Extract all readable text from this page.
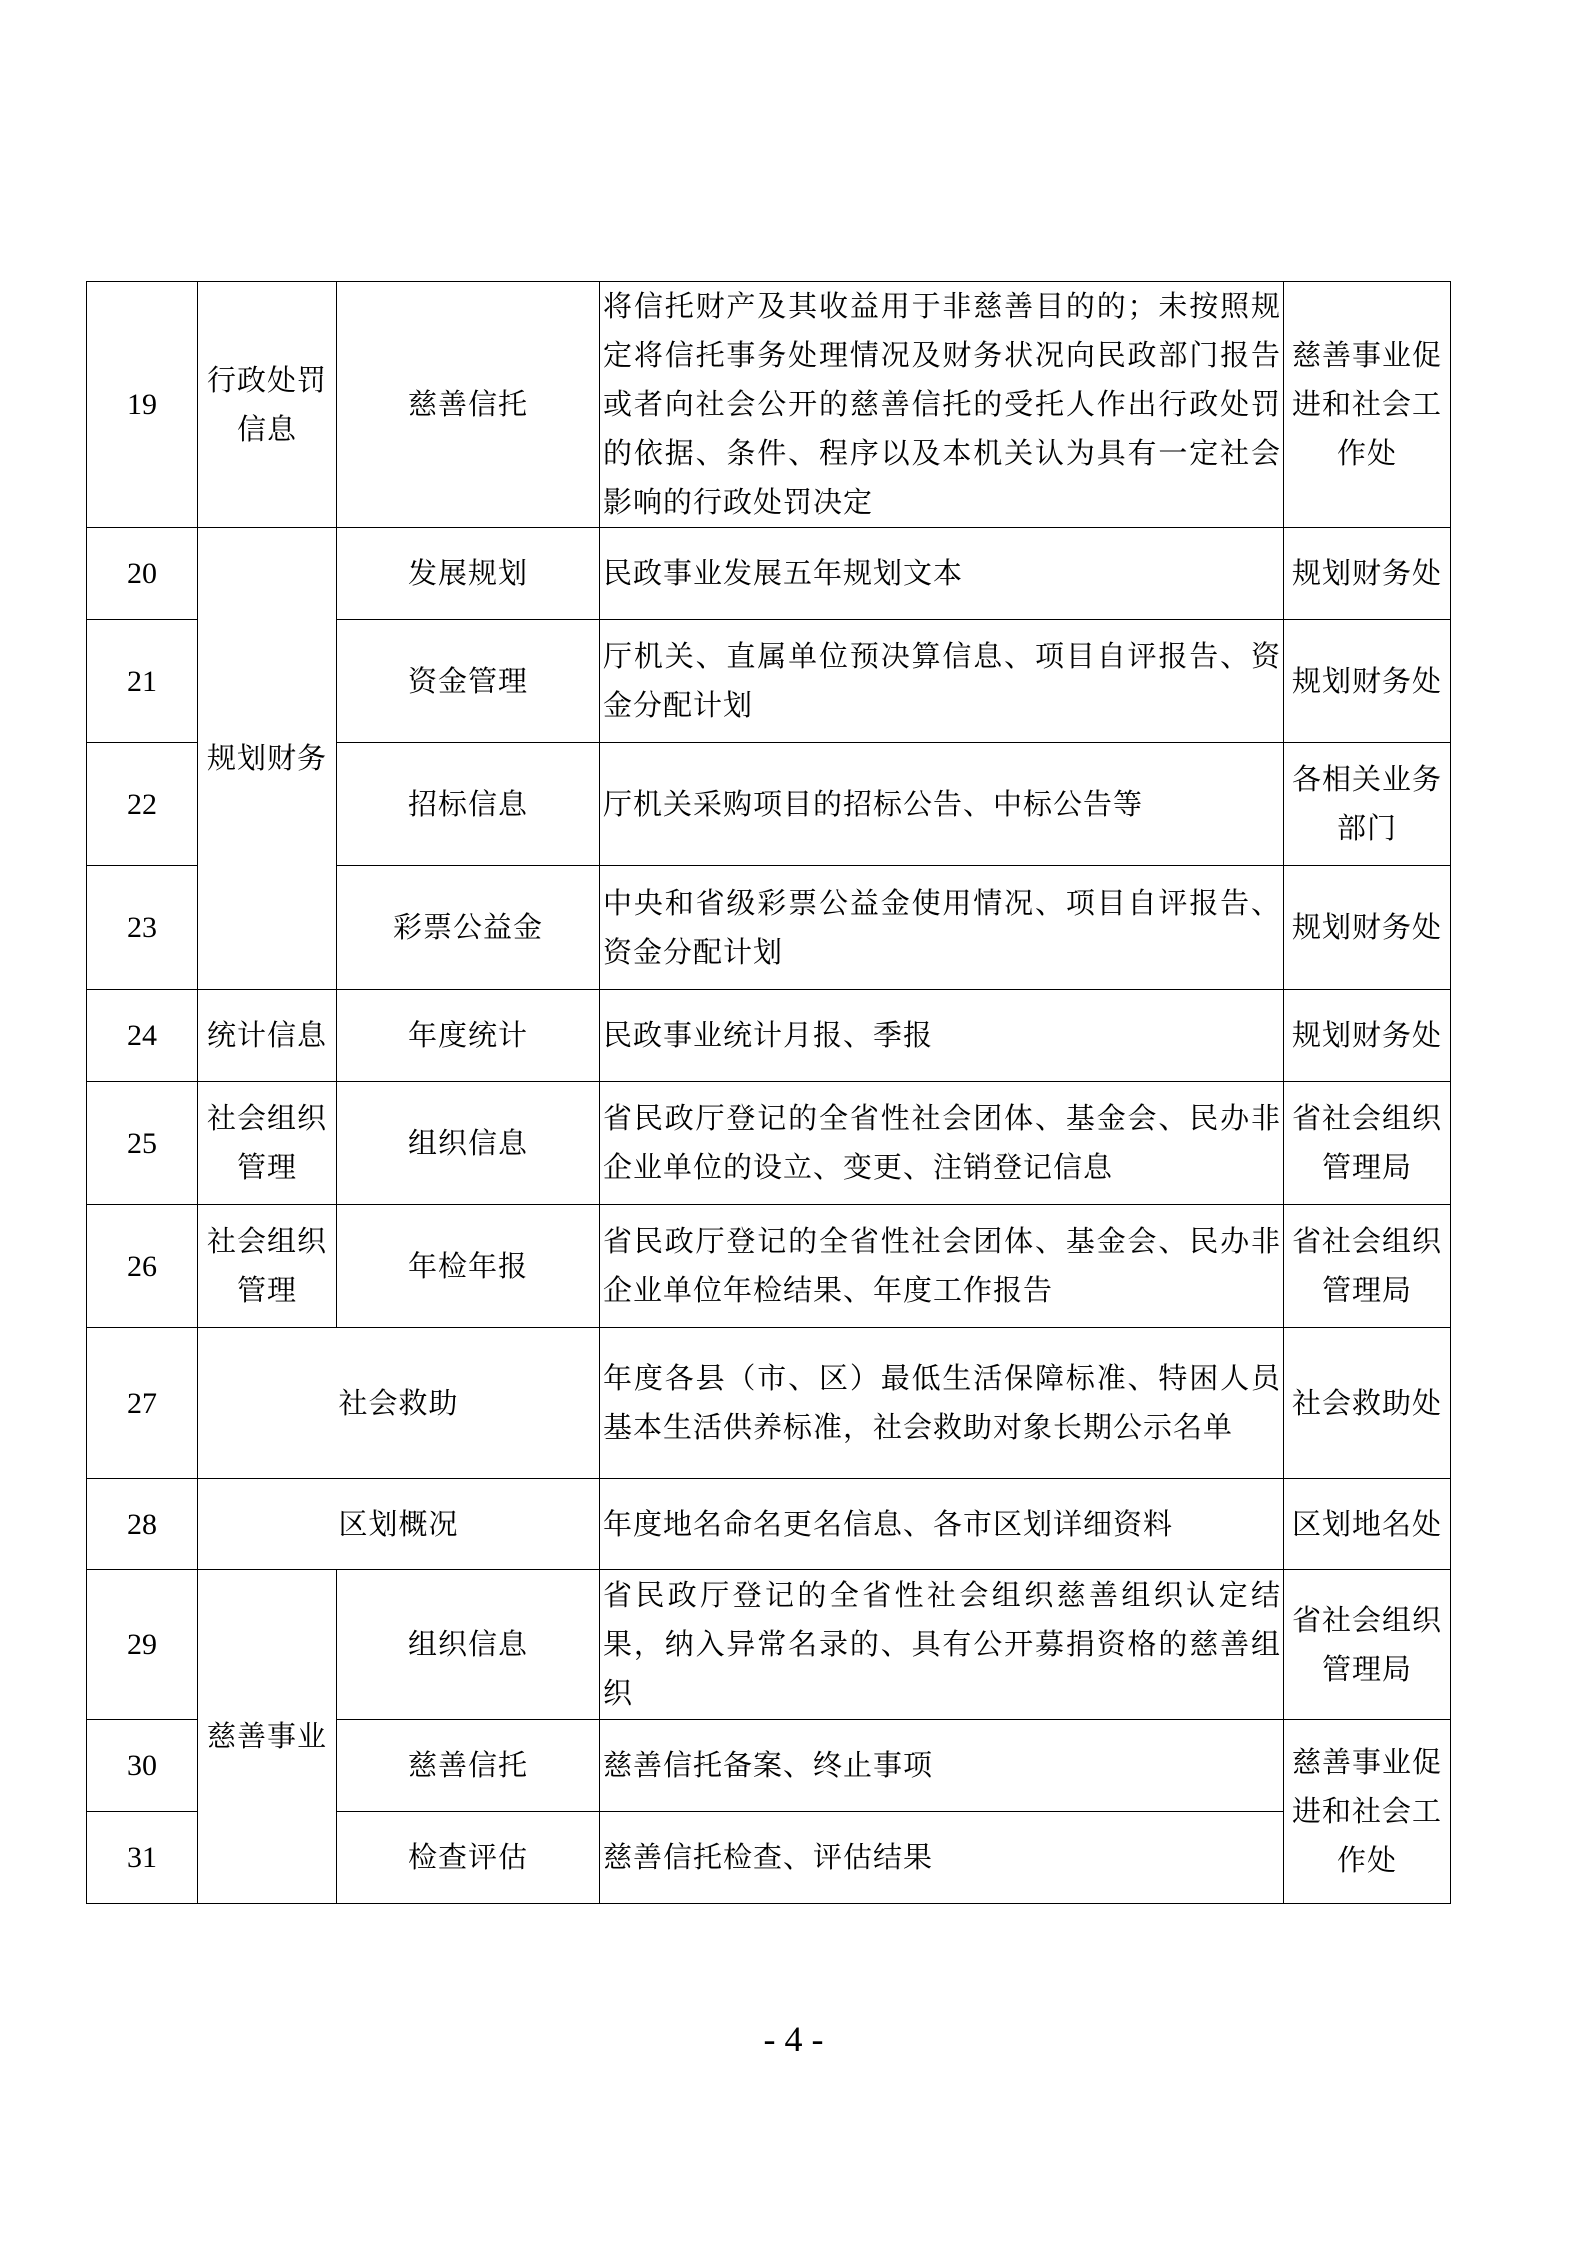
19	行政处罚信息	慈善信托	将信托财产及其收益用于非慈善目的的；未按照规定将信托事务处理情况及财务状况向民政部门报告或者向社会公开的慈善信托的受托人作出行政处罚的依据、条件、程序以及本机关认为具有一定社会影响的行政处罚决定	慈善事业促进和社会工作处
20	规划财务	发展规划	民政事业发展五年规划文本	规划财务处
21		资金管理	厅机关、直属单位预决算信息、项目自评报告、资金分配计划	规划财务处
22		招标信息	厅机关采购项目的招标公告、中标公告等	各相关业务部门
23		彩票公益金	中央和省级彩票公益金使用情况、项目自评报告、资金分配计划	规划财务处
24	统计信息	年度统计	民政事业统计月报、季报	规划财务处
25	社会组织管理	组织信息	省民政厅登记的全省性社会团体、基金会、民办非企业单位的设立、变更、注销登记信息	省社会组织管理局
26	社会组织管理	年检年报	省民政厅登记的全省性社会团体、基金会、民办非企业单位年检结果、年度工作报告	省社会组织管理局
27	社会救助		年度各县（市、区）最低生活保障标准、特困人员基本生活供养标准，社会救助对象长期公示名单	社会救助处
28	区划概况		年度地名命名更名信息、各市区划详细资料	区划地名处
29	慈善事业	组织信息	省民政厅登记的全省性社会组织慈善组织认定结果，纳入异常名录的、具有公开募捐资格的慈善组织	省社会组织管理局
30		慈善信托	慈善信托备案、终止事项	慈善事业促进和社会工作处
31		检查评估	慈善信托检查、评估结果	
- 4 -
